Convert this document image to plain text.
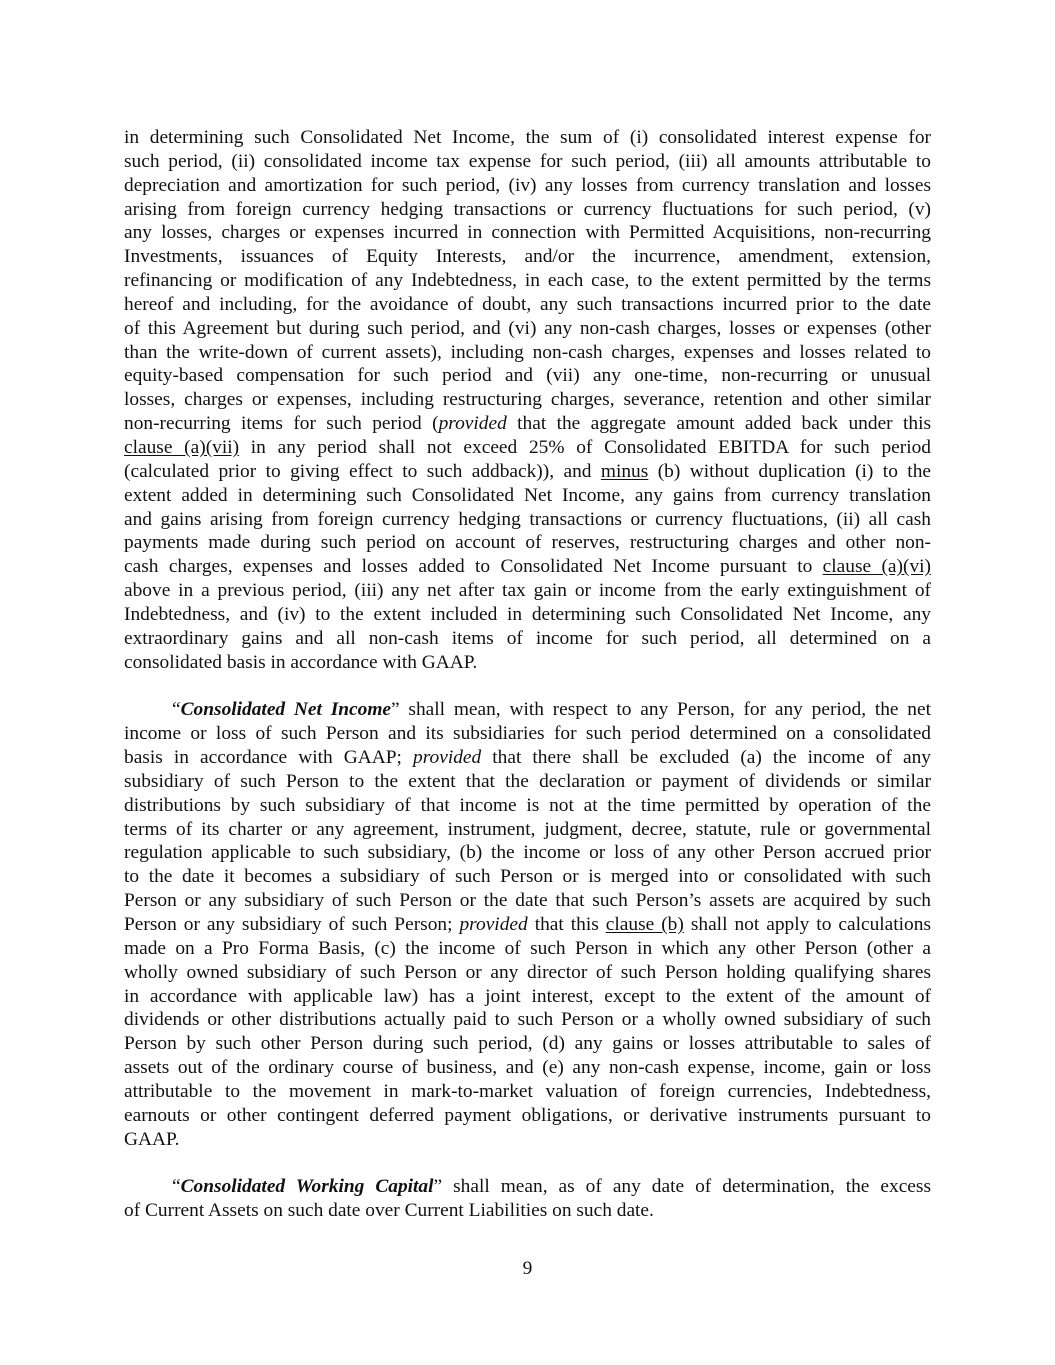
in determining such Consolidated Net Income, the sum of (i) consolidated interest expense for
such period, (ii) consolidated income tax expense for such period, (iii) all amounts attributable to
depreciation and amortization for such period, (iv) any losses from currency translation and losses
arising from foreign currency hedging transactions or currency fluctuations for such period, (v)
any losses, charges or expenses incurred in connection with Permitted Acquisitions, non-recurring
Investments, issuances of Equity Interests, and/or the incurrence, amendment, extension,
refinancing or modification of any Indebtedness, in each case, to the extent permitted by the terms
hereof and including, for the avoidance of doubt, any such transactions incurred prior to the date
of this Agreement but during such period, and (vi) any non-cash charges, losses or expenses (other
than the write-down of current assets), including non-cash charges, expenses and losses related to
equity-based compensation for such period and (vii) any one-time, non-recurring or unusual
losses, charges or expenses, including restructuring charges, severance, retention and other similar
non-recurring items for such period (provided that the aggregate amount added back under this
clause (a)(vii) in any period shall not exceed 25% of Consolidated EBITDA for such period
(calculated prior to giving effect to such addback)), and minus (b) without duplication (i) to the
extent added in determining such Consolidated Net Income, any gains from currency translation
and gains arising from foreign currency hedging transactions or currency fluctuations, (ii) all cash
payments made during such period on account of reserves, restructuring charges and other non-
cash charges, expenses and losses added to Consolidated Net Income pursuant to clause (a)(vi)
above in a previous period, (iii) any net after tax gain or income from the early extinguishment of
Indebtedness, and (iv) to the extent included in determining such Consolidated Net Income, any
extraordinary gains and all non-cash items of income for such period, all determined on a
consolidated basis in accordance with GAAP.
“Consolidated Net Income” shall mean, with respect to any Person, for any period, the net
income or loss of such Person and its subsidiaries for such period determined on a consolidated
basis in accordance with GAAP; provided that there shall be excluded (a) the income of any
subsidiary of such Person to the extent that the declaration or payment of dividends or similar
distributions by such subsidiary of that income is not at the time permitted by operation of the
terms of its charter or any agreement, instrument, judgment, decree, statute, rule or governmental
regulation applicable to such subsidiary, (b) the income or loss of any other Person accrued prior
to the date it becomes a subsidiary of such Person or is merged into or consolidated with such
Person or any subsidiary of such Person or the date that such Person’s assets are acquired by such
Person or any subsidiary of such Person; provided that this clause (b) shall not apply to calculations
made on a Pro Forma Basis, (c) the income of such Person in which any other Person (other a
wholly owned subsidiary of such Person or any director of such Person holding qualifying shares
in accordance with applicable law) has a joint interest, except to the extent of the amount of
dividends or other distributions actually paid to such Person or a wholly owned subsidiary of such
Person by such other Person during such period, (d) any gains or losses attributable to sales of
assets out of the ordinary course of business, and (e) any non-cash expense, income, gain or loss
attributable to the movement in mark-to-market valuation of foreign currencies, Indebtedness,
earnouts or other contingent deferred payment obligations, or derivative instruments pursuant to
GAAP.
“Consolidated Working Capital” shall mean, as of any date of determination, the excess
of Current Assets on such date over Current Liabilities on such date.
9
